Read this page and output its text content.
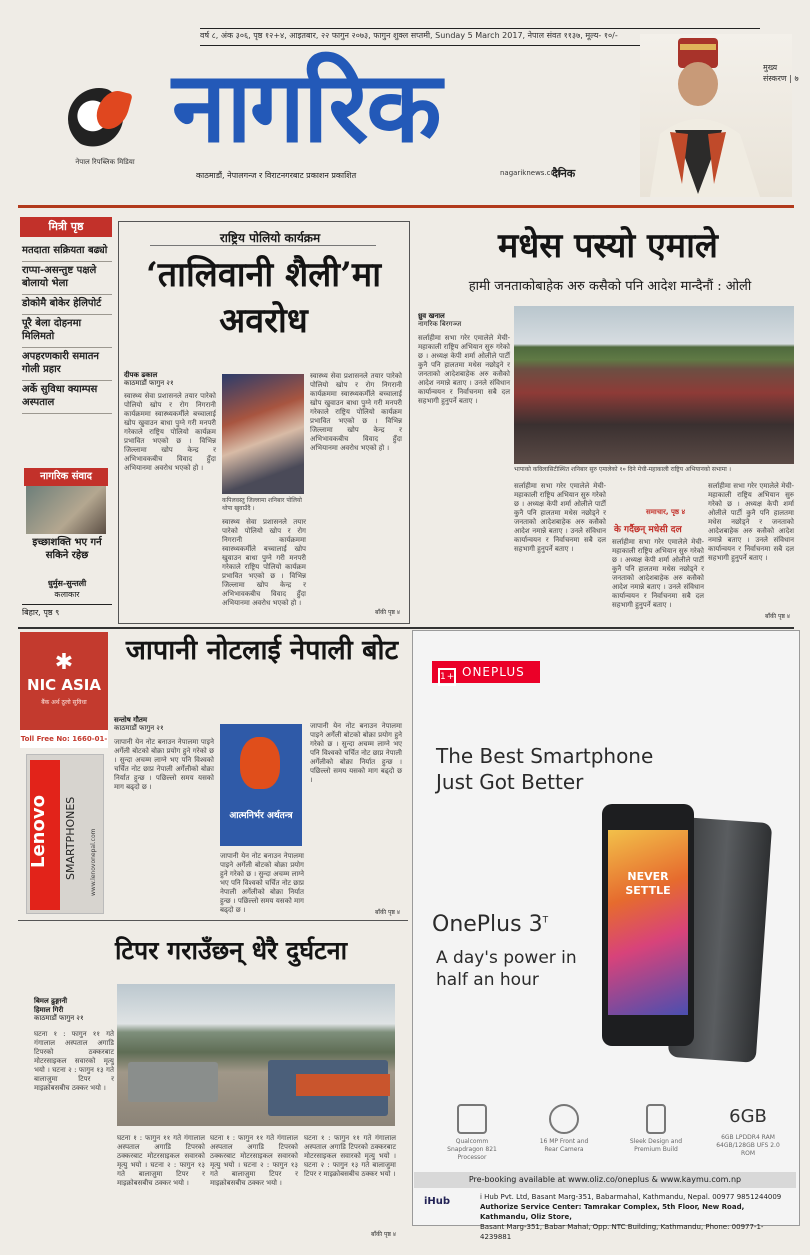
वर्ष ८, अंक ३०६, पृष्ठ १२+४, आइतबार, २२ फागुन २०७३, फागुन शुक्ल सप्तमी, Sunday 5 March 2017, नेपाल संवत ११३७, मूल्य- १०/-
नेपाल रिपब्लिक मिडिया नागरिक
काठमाडौं, नेपालगन्ज र विराटनगरबाट प्रकाशन प्रकाशित	nagariknews.com
दैनिक
मुख्य
संस्करण | ७
मित्री पृष्ठ
मतदाता सक्रियता बढ्यो
राप्पा-असन्तुष्ट पक्षले बोलायो भेला
डोकोमै बोकेर हेलिपोर्ट
पूरै बेला दोहनमा मिलिमतो
अपहरणकारी समातन गोली प्रहार
अर्के सुविधा क्याम्पस अस्पताल
नागरिक संवाद
इच्छाशक्ति भए गर्न सकिने रहेछ
धुर्मुस-सुन्तली
कलाकार
बिहार, पृष्ठ ९
राष्ट्रिय पोलियो कार्यक्रम
‘तालिवानी शैली’मा अवरोध
दीपक ढकाल
काठमाडौं फागुन २१
स्वास्थ्य सेवा प्रशासनले तयार पारेको पोलियो खोप र रोग निगरानी कार्यक्रममा स्वास्थ्यकर्मीले बच्चालाई खोप खुवाउन बाधा पुग्ने गरी मनपरी गरेकाले राष्ट्रिय पोलियो कार्यक्रम प्रभावित भएको छ । विभिन्न जिल्लामा खोप केन्द्र र अभिभावकबीच विवाद हुँदा अभियानमा अवरोध भएको हो ।
कपिलवस्तु जिल्लामा शनिबार पोलियो थोपा खुवाउँदै ।
स्वास्थ्य सेवा प्रशासनले तयार पारेको पोलियो खोप र रोग निगरानी कार्यक्रममा स्वास्थ्यकर्मीले बच्चालाई खोप खुवाउन बाधा पुग्ने गरी मनपरी गरेकाले राष्ट्रिय पोलियो कार्यक्रम प्रभावित भएको छ । विभिन्न जिल्लामा खोप केन्द्र र अभिभावकबीच विवाद हुँदा अभियानमा अवरोध भएको हो ।
स्वास्थ्य सेवा प्रशासनले तयार पारेको पोलियो खोप र रोग निगरानी कार्यक्रममा स्वास्थ्यकर्मीले बच्चालाई खोप खुवाउन बाधा पुग्ने गरी मनपरी गरेकाले राष्ट्रिय पोलियो कार्यक्रम प्रभावित भएको छ । विभिन्न जिल्लामा खोप केन्द्र र अभिभावकबीच विवाद हुँदा अभियानमा अवरोध भएको हो ।
बाँकी पृष्ठ ४
मधेस पस्यो एमाले
हामी जनताकोबाहेक अरु कसैको पनि आदेश मान्दैनौं : ओली
ध्रुव खनाल
नागरिक बिरगञ्ज
सर्लाहीमा सभा गरेर एमालेले मेची-महाकाली राष्ट्रिय अभियान सुरु गरेको छ । अध्यक्ष केपी शर्मा ओलीले पार्टी कुनै पनि हालतमा मधेस नछोड्ने र जनताको आदेशबाहेक अरु कसैको आदेश नमान्ने बताए । उनले संविधान कार्यान्वयन र निर्वाचनमा सबै दल सहभागी हुनुपर्ने बताए ।
भापाको कविलासिटीस्थित शनिबार सुरु एमालेको १० दिने मेची-महाकाली राष्ट्रिय अभियानको सभामा ।
सर्लाहीमा सभा गरेर एमालेले मेची-महाकाली राष्ट्रिय अभियान सुरु गरेको छ । अध्यक्ष केपी शर्मा ओलीले पार्टी कुनै पनि हालतमा मधेस नछोड्ने र जनताको आदेशबाहेक अरु कसैको आदेश नमान्ने बताए । उनले संविधान कार्यान्वयन र निर्वाचनमा सबै दल सहभागी हुनुपर्ने बताए ।
के गर्दैछन् मधेसी दल
समाचार, पृष्ठ ४
सर्लाहीमा सभा गरेर एमालेले मेची-महाकाली राष्ट्रिय अभियान सुरु गरेको छ । अध्यक्ष केपी शर्मा ओलीले पार्टी कुनै पनि हालतमा मधेस नछोड्ने र जनताको आदेशबाहेक अरु कसैको आदेश नमान्ने बताए । उनले संविधान कार्यान्वयन र निर्वाचनमा सबै दल सहभागी हुनुपर्ने बताए ।
सर्लाहीमा सभा गरेर एमालेले मेची-महाकाली राष्ट्रिय अभियान सुरु गरेको छ । अध्यक्ष केपी शर्मा ओलीले पार्टी कुनै पनि हालतमा मधेस नछोड्ने र जनताको आदेशबाहेक अरु कसैको आदेश नमान्ने बताए । उनले संविधान कार्यान्वयन र निर्वाचनमा सबै दल सहभागी हुनुपर्ने बताए ।
बाँकी पृष्ठ ४
✱
NIC ASIA
बैंक अर्थ ठूलो सुविधा
Toll Free No: 1660-01-
Lenovo SMARTPHONES www.lenovonepal.com
जापानी नोटलाई नेपाली बोट
सन्तोष गौतम
काठमाडौं फागुन २१
जापानी येन नोट बनाउन नेपालमा पाइने अर्गेली बोटको बोक्रा प्रयोग हुने गरेको छ । सुन्दा अचम्म लाग्ने भए पनि विश्वको चर्चित नोट छाप्न नेपाली अर्गेलीको बोक्रा निर्यात हुन्छ । पछिल्लो समय यसको माग बढ्दो छ ।
आत्मनिर्भर अर्थतन्त्र
जापानी येन नोट बनाउन नेपालमा पाइने अर्गेली बोटको बोक्रा प्रयोग हुने गरेको छ । सुन्दा अचम्म लाग्ने भए पनि विश्वको चर्चित नोट छाप्न नेपाली अर्गेलीको बोक्रा निर्यात हुन्छ । पछिल्लो समय यसको माग बढ्दो छ ।
जापानी येन नोट बनाउन नेपालमा पाइने अर्गेली बोटको बोक्रा प्रयोग हुने गरेको छ । सुन्दा अचम्म लाग्ने भए पनि विश्वको चर्चित नोट छाप्न नेपाली अर्गेलीको बोक्रा निर्यात हुन्छ । पछिल्लो समय यसको माग बढ्दो छ ।
बाँकी पृष्ठ ४
टिपर गराउँछन् धेरै दुर्घटना
बिमल ढुङ्गानी
हिमाल गिरी
काठमाडौं फागुन २१
घटना १ : फागुन ११ गते गंगालाल अस्पताल अगाडि टिपरको ठक्करबाट मोटरसाइकल सवारको मृत्यु भयो । घटना २ : फागुन १३ गते बालाजुमा टिपर र माइक्रोबसबीच ठक्कर भयो ।
घटना १ : फागुन ११ गते गंगालाल अस्पताल अगाडि टिपरको ठक्करबाट मोटरसाइकल सवारको मृत्यु भयो । घटना २ : फागुन १३ गते बालाजुमा टिपर र माइक्रोबसबीच ठक्कर भयो ।
घटना १ : फागुन ११ गते गंगालाल अस्पताल अगाडि टिपरको ठक्करबाट मोटरसाइकल सवारको मृत्यु भयो । घटना २ : फागुन १३ गते बालाजुमा टिपर र माइक्रोबसबीच ठक्कर भयो ।
घटना १ : फागुन ११ गते गंगालाल अस्पताल अगाडि टिपरको ठक्करबाट मोटरसाइकल सवारको मृत्यु भयो । घटना २ : फागुन १३ गते बालाजुमा टिपर र माइक्रोबसबीच ठक्कर भयो ।
बाँकी पृष्ठ ४
1+ ONEPLUS
The Best Smartphone Just Got Better
NEVER SETTLE
OnePlus $3^T$
A day's power in half an hour
Qualcomm Snapdragon 821 Processor
16 MP Front and Rear Camera
Sleek Design and Premium Build
6GB
6GB LPDDR4 RAM 64GB/128GB UFS 2.0 ROM
Pre-booking available at www.oliz.co/oneplus & www.kaymu.com.np
iHub	i Hub Pvt. Ltd, Basant Marg-351, Babarmahal, Kathmandu, Nepal. 00977 9851244009
Authorize Service Center: Tamrakar Complex, 5th Floor, New Road, Kathmandu, Oliz Store,
Basant Marg-351, Babar Mahal, Opp. NTC Building, Kathmandu, Phone: 00977-1-4239881
